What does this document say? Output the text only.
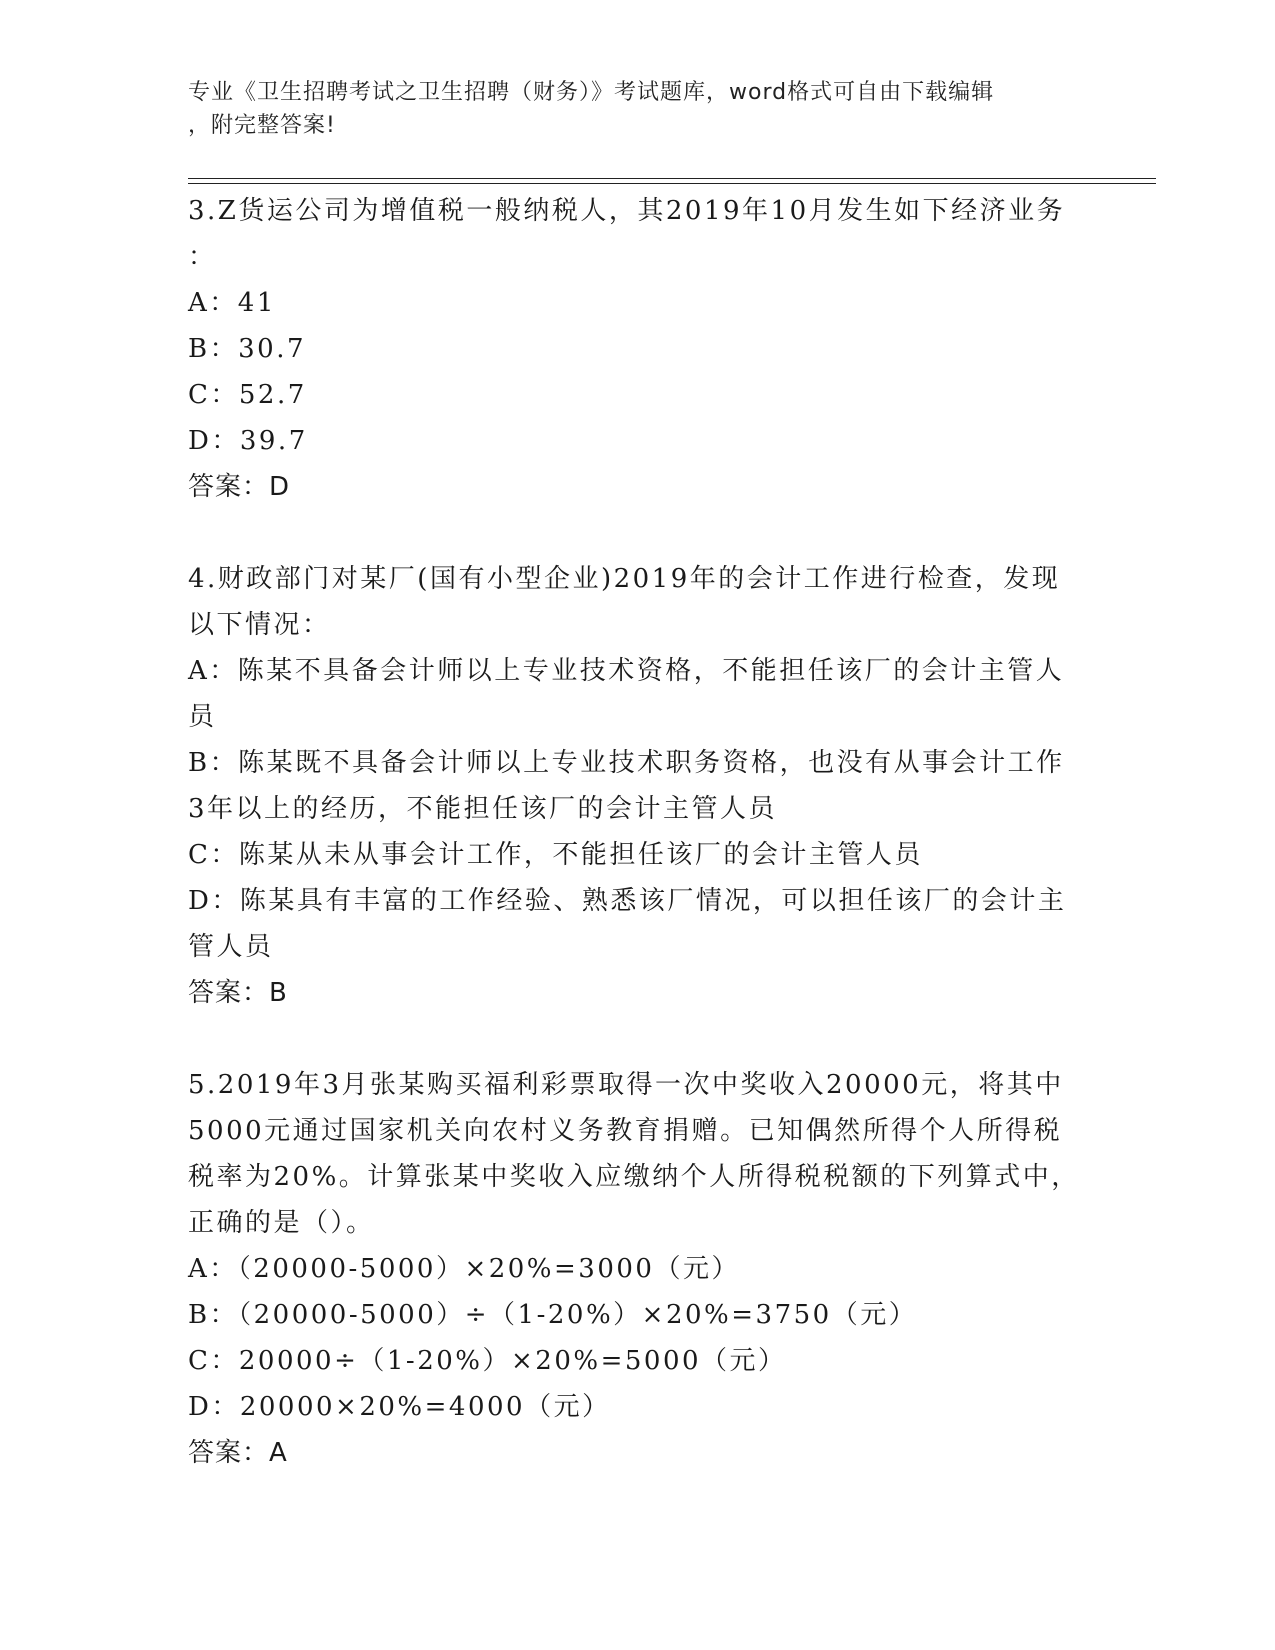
专业《卫生招聘考试之卫生招聘（财务）》考试题库，word格式可自由下载编辑
，附完整答案!
3.Z货运公司为增值税一般纳税人，其2019年10月发生如下经济业务
：
A：41
B：30.7
C：52.7
D：39.7
答案：D
4.财政部门对某厂(国有小型企业)2019年的会计工作进行检查，发现
以下情况：
A：陈某不具备会计师以上专业技术资格，不能担任该厂的会计主管人
员
B：陈某既不具备会计师以上专业技术职务资格，也没有从事会计工作
3年以上的经历，不能担任该厂的会计主管人员
C：陈某从未从事会计工作，不能担任该厂的会计主管人员
D：陈某具有丰富的工作经验、熟悉该厂情况，可以担任该厂的会计主
管人员
答案：B
5.2019年3月张某购买福利彩票取得一次中奖收入20000元，将其中
5000元通过国家机关向农村义务教育捐赠。已知偶然所得个人所得税
税率为20%。计算张某中奖收入应缴纳个人所得税税额的下列算式中，
正确的是（）。
A：（20000-5000）×20%=3000（元）
B：（20000-5000）÷（1-20%）×20%=3750（元）
C：20000÷（1-20%）×20%=5000（元）
D：20000×20%=4000（元）
答案：A
